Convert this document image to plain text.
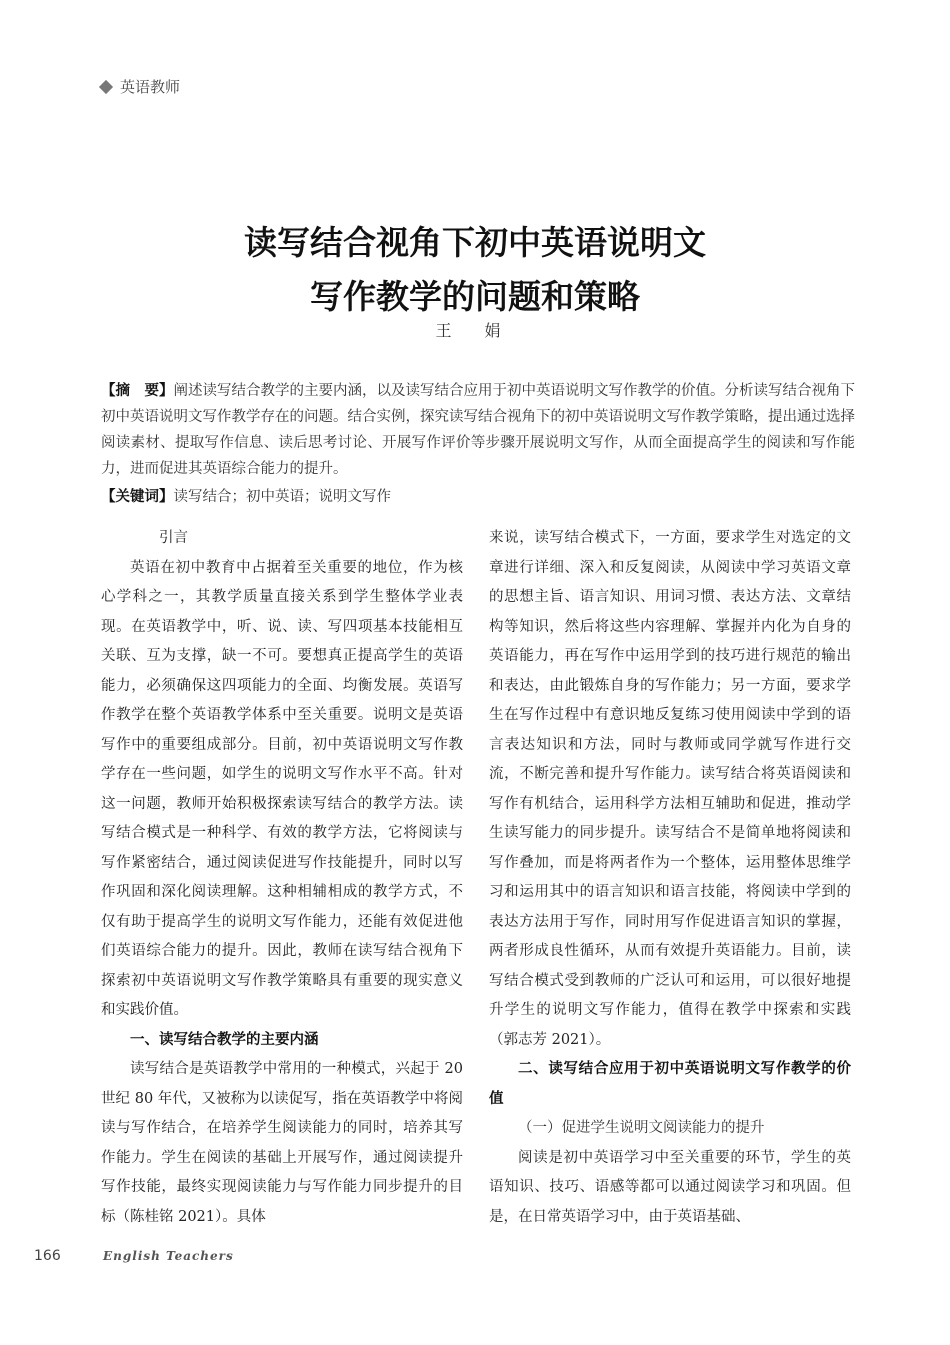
英语教师
读写结合视角下初中英语说明文
写作教学的问题和策略
王 娟
【摘　要】阐述读写结合教学的主要内涵，以及读写结合应用于初中英语说明文写作教学的价值。分析读写结合视角下初中英语说明文写作教学存在的问题。结合实例，探究读写结合视角下的初中英语说明文写作教学策略，提出通过选择阅读素材、提取写作信息、读后思考讨论、开展写作评价等步骤开展说明文写作，从而全面提高学生的阅读和写作能力，进而促进其英语综合能力的提升。
【关键词】读写结合；初中英语；说明文写作

引言

英语在初中教育中占据着至关重要的地位，作为核心学科之一，其教学质量直接关系到学生整体学业表现。在英语教学中，听、说、读、写四项基本技能相互关联、互为支撑，缺一不可。要想真正提高学生的英语能力，必须确保这四项能力的全面、均衡发展。英语写作教学在整个英语教学体系中至关重要。说明文是英语写作中的重要组成部分。目前，初中英语说明文写作教学存在一些问题，如学生的说明文写作水平不高。针对这一问题，教师开始积极探索读写结合的教学方法。读写结合模式是一种科学、有效的教学方法，它将阅读与写作紧密结合，通过阅读促进写作技能提升，同时以写作巩固和深化阅读理解。这种相辅相成的教学方式，不仅有助于提高学生的说明文写作能力，还能有效促进他们英语综合能力的提升。因此，教师在读写结合视角下探索初中英语说明文写作教学策略具有重要的现实意义和实践价值。

一、读写结合教学的主要内涵

读写结合是英语教学中常用的一种模式，兴起于 20 世纪 80 年代，又被称为以读促写，指在英语教学中将阅读与写作结合，在培养学生阅读能力的同时，培养其写作能力。学生在阅读的基础上开展写作，通过阅读提升写作技能，最终实现阅读能力与写作能力同步提升的目标（陈桂铭 2021）。具体

来说，读写结合模式下，一方面，要求学生对选定的文章进行详细、深入和反复阅读，从阅读中学习英语文章的思想主旨、语言知识、用词习惯、表达方法、文章结构等知识，然后将这些内容理解、掌握并内化为自身的英语能力，再在写作中运用学到的技巧进行规范的输出和表达，由此锻炼自身的写作能力；另一方面，要求学生在写作过程中有意识地反复练习使用阅读中学到的语言表达知识和方法，同时与教师或同学就写作进行交流，不断完善和提升写作能力。读写结合将英语阅读和写作有机结合，运用科学方法相互辅助和促进，推动学生读写能力的同步提升。读写结合不是简单地将阅读和写作叠加，而是将两者作为一个整体，运用整体思维学习和运用其中的语言知识和语言技能，将阅读中学到的表达方法用于写作，同时用写作促进语言知识的掌握，两者形成良性循环，从而有效提升英语能力。目前，读写结合模式受到教师的广泛认可和运用，可以很好地提升学生的说明文写作能力，值得在教学中探索和实践（郭志芳 2021）。

二、读写结合应用于初中英语说明文写作教学的价值

（一）促进学生说明文阅读能力的提升

阅读是初中英语学习中至关重要的环节，学生的英语知识、技巧、语感等都可以通过阅读学习和巩固。但是，在日常英语学习中，由于英语基础、

166	English Teachers
